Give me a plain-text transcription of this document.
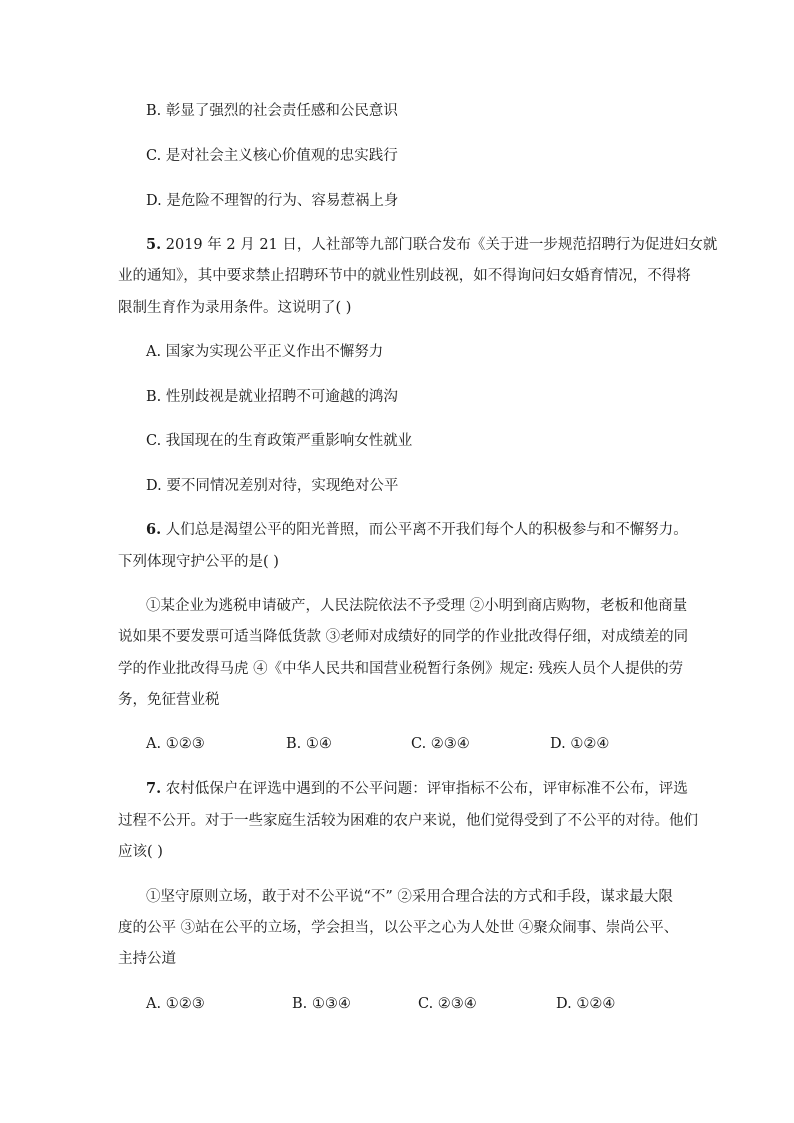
B. 彰显了强烈的社会责任感和公民意识
C. 是对社会主义核心价值观的忠实践行
D. 是危险不理智的行为、容易惹祸上身
5. 2019 年 2 月 21 日，人社部等九部门联合发布《关于进一步规范招聘行为促进妇女就
业的通知》，其中要求禁止招聘环节中的就业性别歧视，如不得询问妇女婚育情况，不得将
限制生育作为录用条件。这说明了( )
A. 国家为实现公平正义作出不懈努力
B. 性别歧视是就业招聘不可逾越的鸿沟
C. 我国现在的生育政策严重影响女性就业
D. 要不同情况差别对待，实现绝对公平
6. 人们总是渴望公平的阳光普照，而公平离不开我们每个人的积极参与和不懈努力。
下列体现守护公平的是( )
①某企业为逃税申请破产，人民法院依法不予受理 ②小明到商店购物，老板和他商量
说如果不要发票可适当降低货款 ③老师对成绩好的同学的作业批改得仔细，对成绩差的同
学的作业批改得马虎 ④《中华人民共和国营业税暂行条例》规定: 残疾人员个人提供的劳
务，免征营业税
A. ①②③	B. ①④	C. ②③④	D. ①②④
7. 农村低保户在评选中遇到的不公平问题：评审指标不公布，评审标准不公布，评选
过程不公开。对于一些家庭生活较为困难的农户来说，他们觉得受到了不公平的对待。他们
应该( )
①坚守原则立场，敢于对不公平说“不” ②采用合理合法的方式和手段，谋求最大限
度的公平 ③站在公平的立场，学会担当，以公平之心为人处世 ④聚众闹事、崇尚公平、
主持公道
A. ①②③	B. ①③④	C. ②③④	D. ①②④
